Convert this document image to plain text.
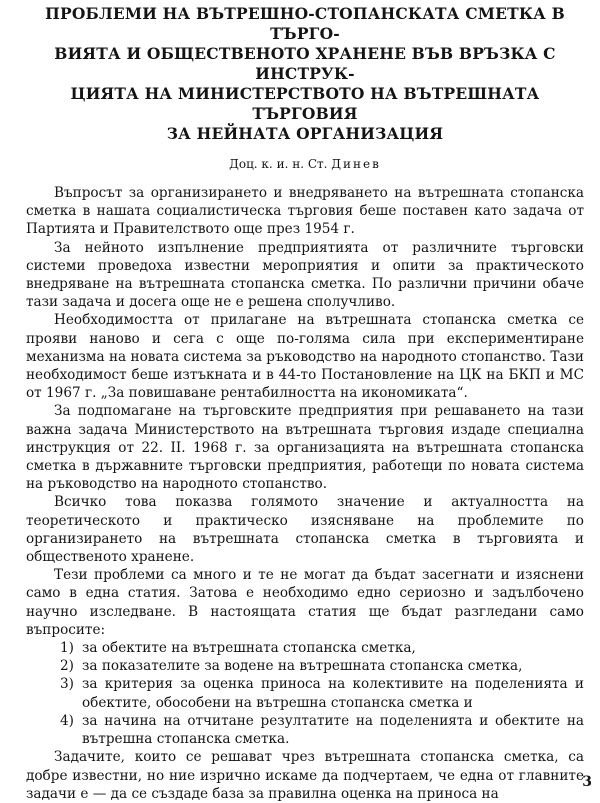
ПРОБЛЕМИ НА ВЪТРЕШНО-СТОПАНСКАТА СМЕТКА В ТЪРГО-
ВИЯТА И ОБЩЕСТВЕНОТО ХРАНЕНЕ ВЪВ ВРЪЗКА С ИНСТРУК-
ЦИЯТА НА МИНИСТЕРСТВОТО НА ВЪТРЕШНАТА ТЪРГОВИЯ
ЗА НЕЙНАТА ОРГАНИЗАЦИЯ
Доц. к. и. н. Ст. Динев

Въпросът за организирането и внедряването на вътрешната стопанска сметка в нашата социалистическа търговия беше поставен като задача от Партията и Правителството още през 1954 г.

За нейното изпълнение предприятията от различните търговски системи проведоха известни мероприятия и опити за практическото внедряване на вътрешната стопанска сметка. По различни причини обаче тази задача и досега още не е решена сполучливо.

Необходимостта от прилагане на вътрешната стопанска сметка се прояви наново и сега с още по-голяма сила при експериментиране механизма на новата система за ръководство на народното стопанство. Тази необходимост беше изтъкната и в 44-то Постановление на ЦК на БКП и МС от 1967 г. „За повишаване рентабилността на икономиката“.

За подпомагане на търговските предприятия при решаването на тази важна задача Министерството на вътрешната търговия издаде специална инструкция от 22. II. 1968 г. за организацията на вътрешната стопанска сметка в държавните търговски предприятия, работещи по новата система на ръководство на народното стопанство.

Всичко това показва голямото значение и актуалността на теоретическото и практическо изясняване на проблемите по организирането на вътрешната стопанска сметка в търговията и общественото хранене.

Тези проблеми са много и те не могат да бъдат засегнати и изяснени само в една статия. Затова е необходимо едно сериозно и задълбочено научно изследване. В настоящата статия ще бъдат разгледани само въпросите:

1) за обектите на вътрешната стопанска сметка,
2) за показателите за водене на вътрешната стопанска сметка,
3) за критерия за оценка приноса на колективите на поделенията и обектите, обособени на вътрешна стопанска сметка и
4) за начина на отчитане резултатите на поделенията и обектите на вътрешна стопанска сметка.

Задачите, които се решават чрез вътрешната стопанска сметка, са добре известни, но ние изрично искаме да подчертаем, че една от главните задачи е — да се създаде база за правилна оценка на приноса на

3
